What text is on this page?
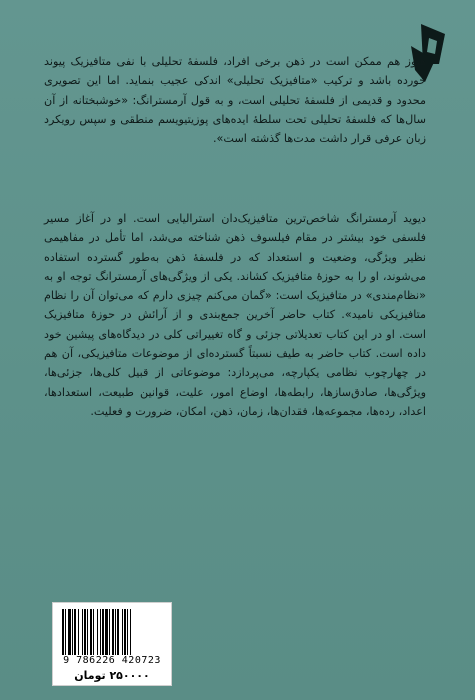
هنوز هم ممکن است در ذهن برخی افراد، فلسفهٔ تحلیلی با نفی متافیزیک پیوند خورده باشد و ترکیب «متافیزیک تحلیلی» اندکی عجیب بنماید. اما این تصویری محدود و قدیمی از فلسفهٔ تحلیلی است، و به قول آرمسترانگ: «خوشبختانه از آن سال‌ها که فلسفهٔ تحلیلی تحت سلطهٔ ایده‌های پوزیتیویسم منطقی و سپس رویکرد زبان عرفی قرار داشت مدت‌ها گذشته است».

دیوید آرمسترانگ شاخص‌ترین متافیزیک‌دان استرالیایی است. او در آغاز مسیر فلسفی خود بیشتر در مقام فیلسوف ذهن شناخته می‌شد، اما تأمل در مفاهیمی نظیر ویژگی، وضعیت و استعداد که در فلسفهٔ ذهن به‌طور گسترده استفاده می‌شوند، او را به حوزهٔ متافیزیک کشاند. یکی از ویژگی‌های آرمسترانگ توجه او به «نظام‌مندی» در متافیزیک است: «گمان می‌کنم چیزی دارم که می‌توان آن را نظام متافیزیکی نامید». کتاب حاضر آخرین جمع‌بندی و از آرائش در حوزهٔ متافیزیک است. او در این کتاب تعدیلاتی جزئی و گاه تغییراتی کلی در دیدگاه‌های پیشین خود داده است. کتاب حاضر به طیف نسبتاً گسترده‌ای از موضوعات متافیزیکی، آن هم در چهارچوب نظامی یکپارچه، می‌پردازد: موضوعاتی از قبیل کلی‌ها، جزئی‌ها، ویژگی‌ها، صادق‌سازها، رابطه‌ها، اوضاع امور، علیت، قوانین طبیعت، استعدادها، اعداد، رده‌ها، مجموعه‌ها، فقدان‌ها، زمان، ذهن، امکان، ضرورت و فعلیت.

9 786226 420723
۲۵۰۰۰۰ تومان
